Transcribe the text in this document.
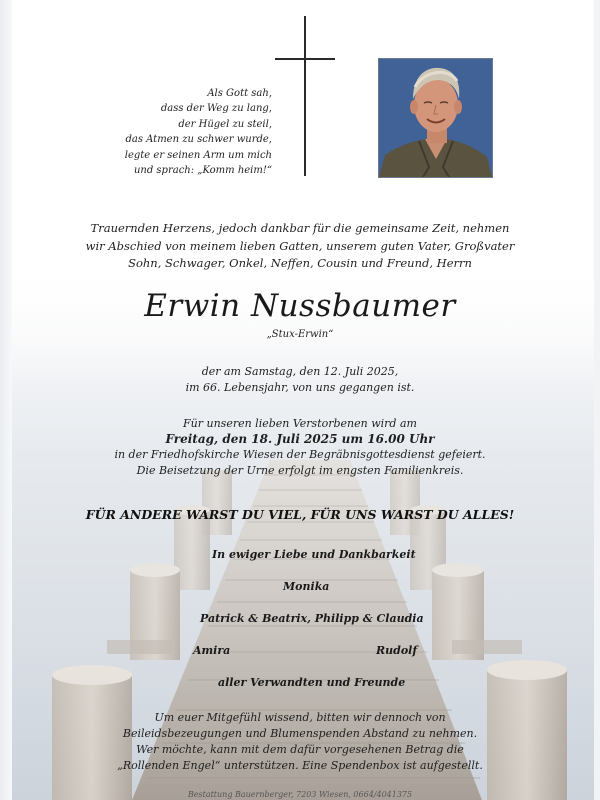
Als Gott sah,
dass der Weg zu lang,
der Hügel zu steil,
das Atmen zu schwer wurde,
legte er seinen Arm um mich
und sprach: „Komm heim!“
Trauernden Herzens, jedoch dankbar für die gemeinsame Zeit, nehmen
wir Abschied von meinem lieben Gatten, unserem guten Vater, Großvater
Sohn, Schwager, Onkel, Neffen, Cousin und Freund, Herrn
Erwin Nussbaumer
„Stux-Erwin“
der am Samstag, den 12. Juli 2025,
im 66. Lebensjahr, von uns gegangen ist.
Für unseren lieben Verstorbenen wird am
Freitag, den 18. Juli 2025 um 16.00 Uhr
in der Friedhofskirche Wiesen der Begräbnisgottesdienst gefeiert.
Die Beisetzung der Urne erfolgt im engsten Familienkreis.
FÜR ANDERE WARST DU VIEL, FÜR UNS WARST DU ALLES!
In ewiger Liebe und Dankbarkeit
Monika
Patrick & Beatrix, Philipp & Claudia
Amira	Rudolf
aller Verwandten und Freunde
Um euer Mitgefühl wissend, bitten wir dennoch von
Beileidsbezeugungen und Blumenspenden Abstand zu nehmen.
Wer möchte, kann mit dem dafür vorgesehenen Betrag die
„Rollenden Engel“ unterstützen. Eine Spendenbox ist aufgestellt.
Bestattung Bauernberger, 7203 Wiesen, 0664/4041375
